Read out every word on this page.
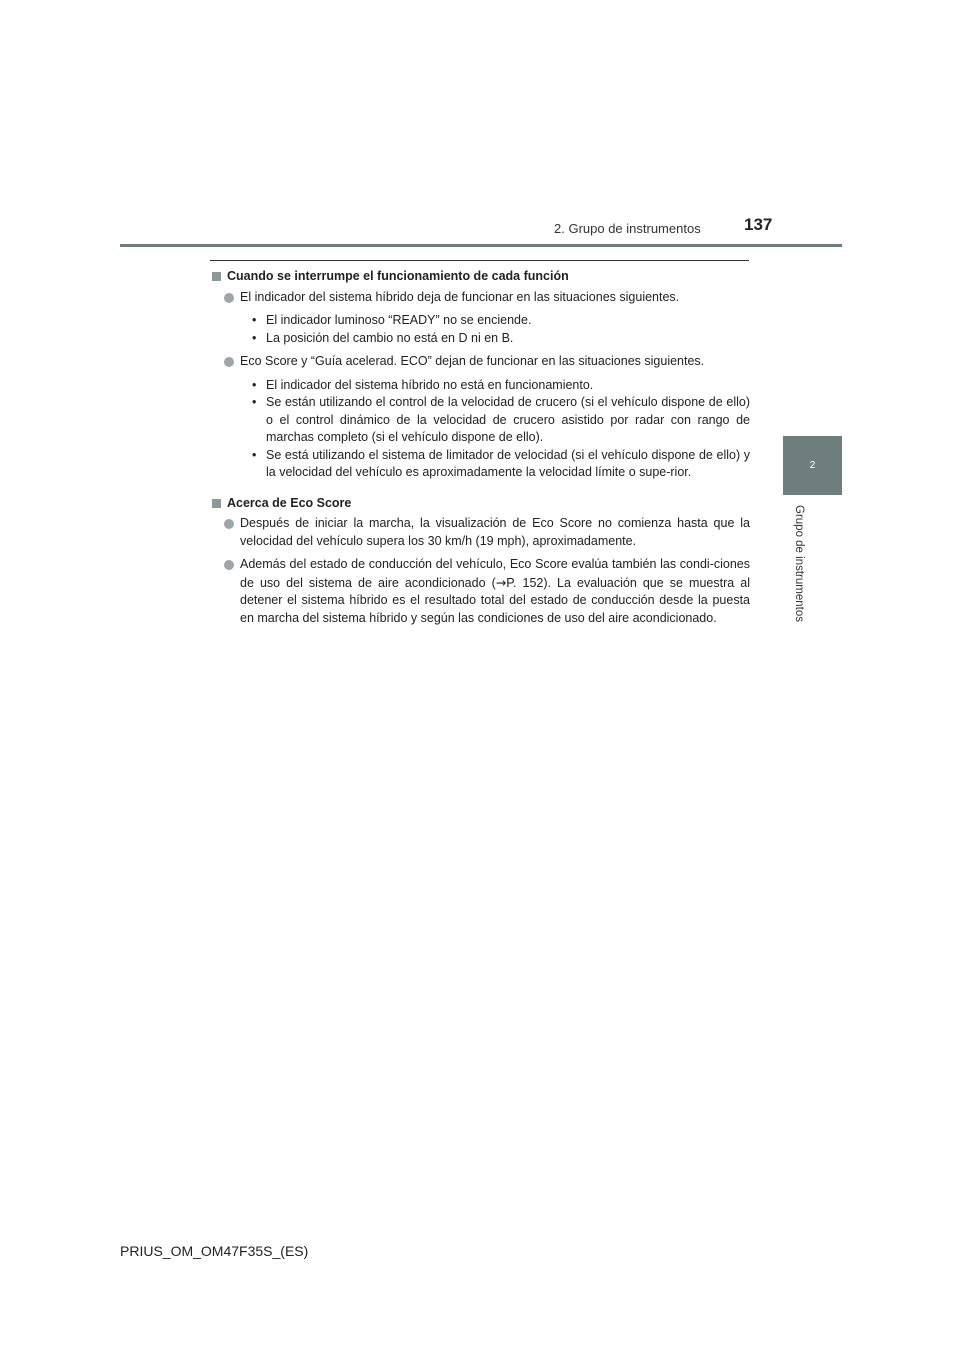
2. Grupo de instrumentos	137
2
Grupo de instrumentos
Cuando se interrumpe el funcionamiento de cada función
El indicador del sistema híbrido deja de funcionar en las situaciones siguientes.
• El indicador luminoso “READY” no se enciende.
• La posición del cambio no está en D ni en B.
Eco Score y “Guía acelerad. ECO” dejan de funcionar en las situaciones siguientes.
• El indicador del sistema híbrido no está en funcionamiento.
• Se están utilizando el control de la velocidad de crucero (si el vehículo dispone de ello) o el control dinámico de la velocidad de crucero asistido por radar con rango de marchas completo (si el vehículo dispone de ello).
• Se está utilizando el sistema de limitador de velocidad (si el vehículo dispone de ello) y la velocidad del vehículo es aproximadamente la velocidad límite o supe-rior.
Acerca de Eco Score
Después de iniciar la marcha, la visualización de Eco Score no comienza hasta que la velocidad del vehículo supera los 30 km/h (19 mph), aproximadamente.
Además del estado de conducción del vehículo, Eco Score evalúa también las condi-ciones de uso del sistema de aire acondicionado (→P. 152). La evaluación que se muestra al detener el sistema híbrido es el resultado total del estado de conducción desde la puesta en marcha del sistema híbrido y según las condiciones de uso del aire acondicionado.
PRIUS_OM_OM47F35S_(ES)
